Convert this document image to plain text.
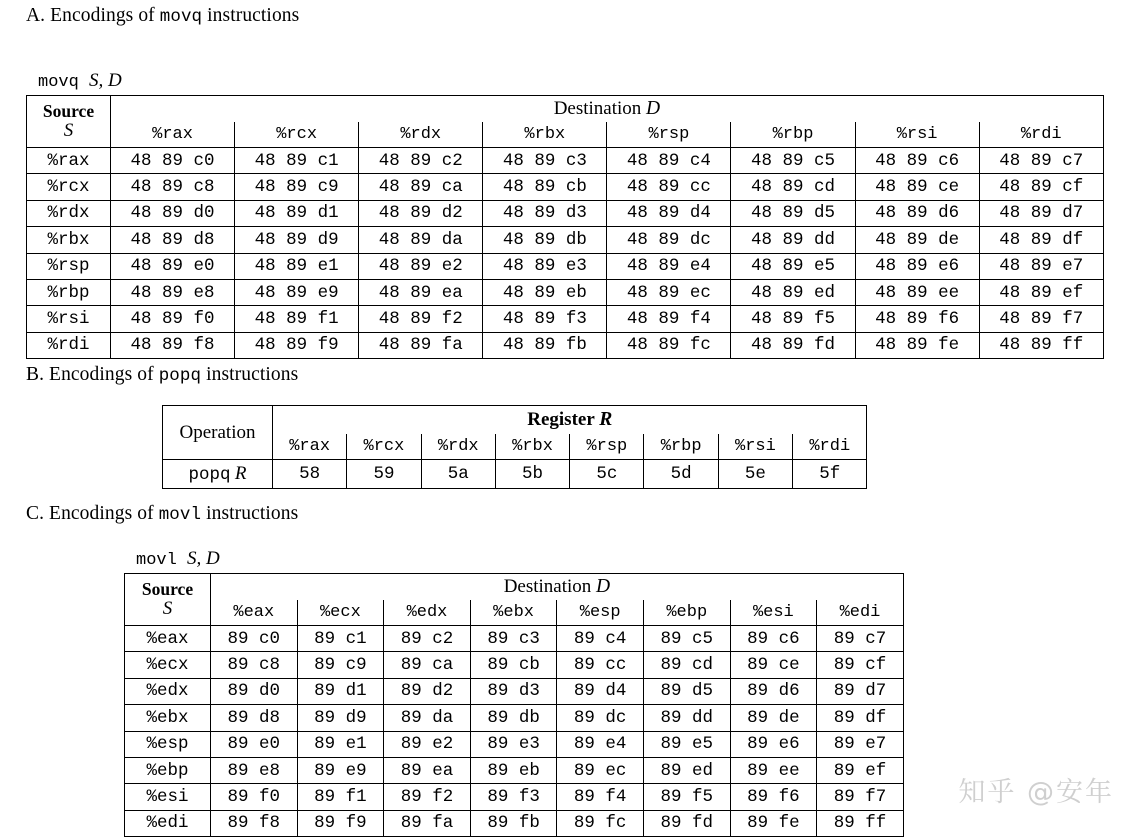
A. Encodings of movq instructions
movq S, D
Source
S	Destination D							
	%rax	%rcx	%rdx	%rbx	%rsp	%rbp	%rsi	%rdi
%rax	48 89 c0	48 89 c1	48 89 c2	48 89 c3	48 89 c4	48 89 c5	48 89 c6	48 89 c7
%rcx	48 89 c8	48 89 c9	48 89 ca	48 89 cb	48 89 cc	48 89 cd	48 89 ce	48 89 cf
%rdx	48 89 d0	48 89 d1	48 89 d2	48 89 d3	48 89 d4	48 89 d5	48 89 d6	48 89 d7
%rbx	48 89 d8	48 89 d9	48 89 da	48 89 db	48 89 dc	48 89 dd	48 89 de	48 89 df
%rsp	48 89 e0	48 89 e1	48 89 e2	48 89 e3	48 89 e4	48 89 e5	48 89 e6	48 89 e7
%rbp	48 89 e8	48 89 e9	48 89 ea	48 89 eb	48 89 ec	48 89 ed	48 89 ee	48 89 ef
%rsi	48 89 f0	48 89 f1	48 89 f2	48 89 f3	48 89 f4	48 89 f5	48 89 f6	48 89 f7
%rdi	48 89 f8	48 89 f9	48 89 fa	48 89 fb	48 89 fc	48 89 fd	48 89 fe	48 89 ff
B. Encodings of popq instructions
Operation	Register R							
	%rax	%rcx	%rdx	%rbx	%rsp	%rbp	%rsi	%rdi
popq R	58	59	5a	5b	5c	5d	5e	5f
C. Encodings of movl instructions
movl S, D
Source
S	Destination D							
	%eax	%ecx	%edx	%ebx	%esp	%ebp	%esi	%edi
%eax	89 c0	89 c1	89 c2	89 c3	89 c4	89 c5	89 c6	89 c7
%ecx	89 c8	89 c9	89 ca	89 cb	89 cc	89 cd	89 ce	89 cf
%edx	89 d0	89 d1	89 d2	89 d3	89 d4	89 d5	89 d6	89 d7
%ebx	89 d8	89 d9	89 da	89 db	89 dc	89 dd	89 de	89 df
%esp	89 e0	89 e1	89 e2	89 e3	89 e4	89 e5	89 e6	89 e7
%ebp	89 e8	89 e9	89 ea	89 eb	89 ec	89 ed	89 ee	89 ef
%esi	89 f0	89 f1	89 f2	89 f3	89 f4	89 f5	89 f6	89 f7
%edi	89 f8	89 f9	89 fa	89 fb	89 fc	89 fd	89 fe	89 ff
知乎 @安年
